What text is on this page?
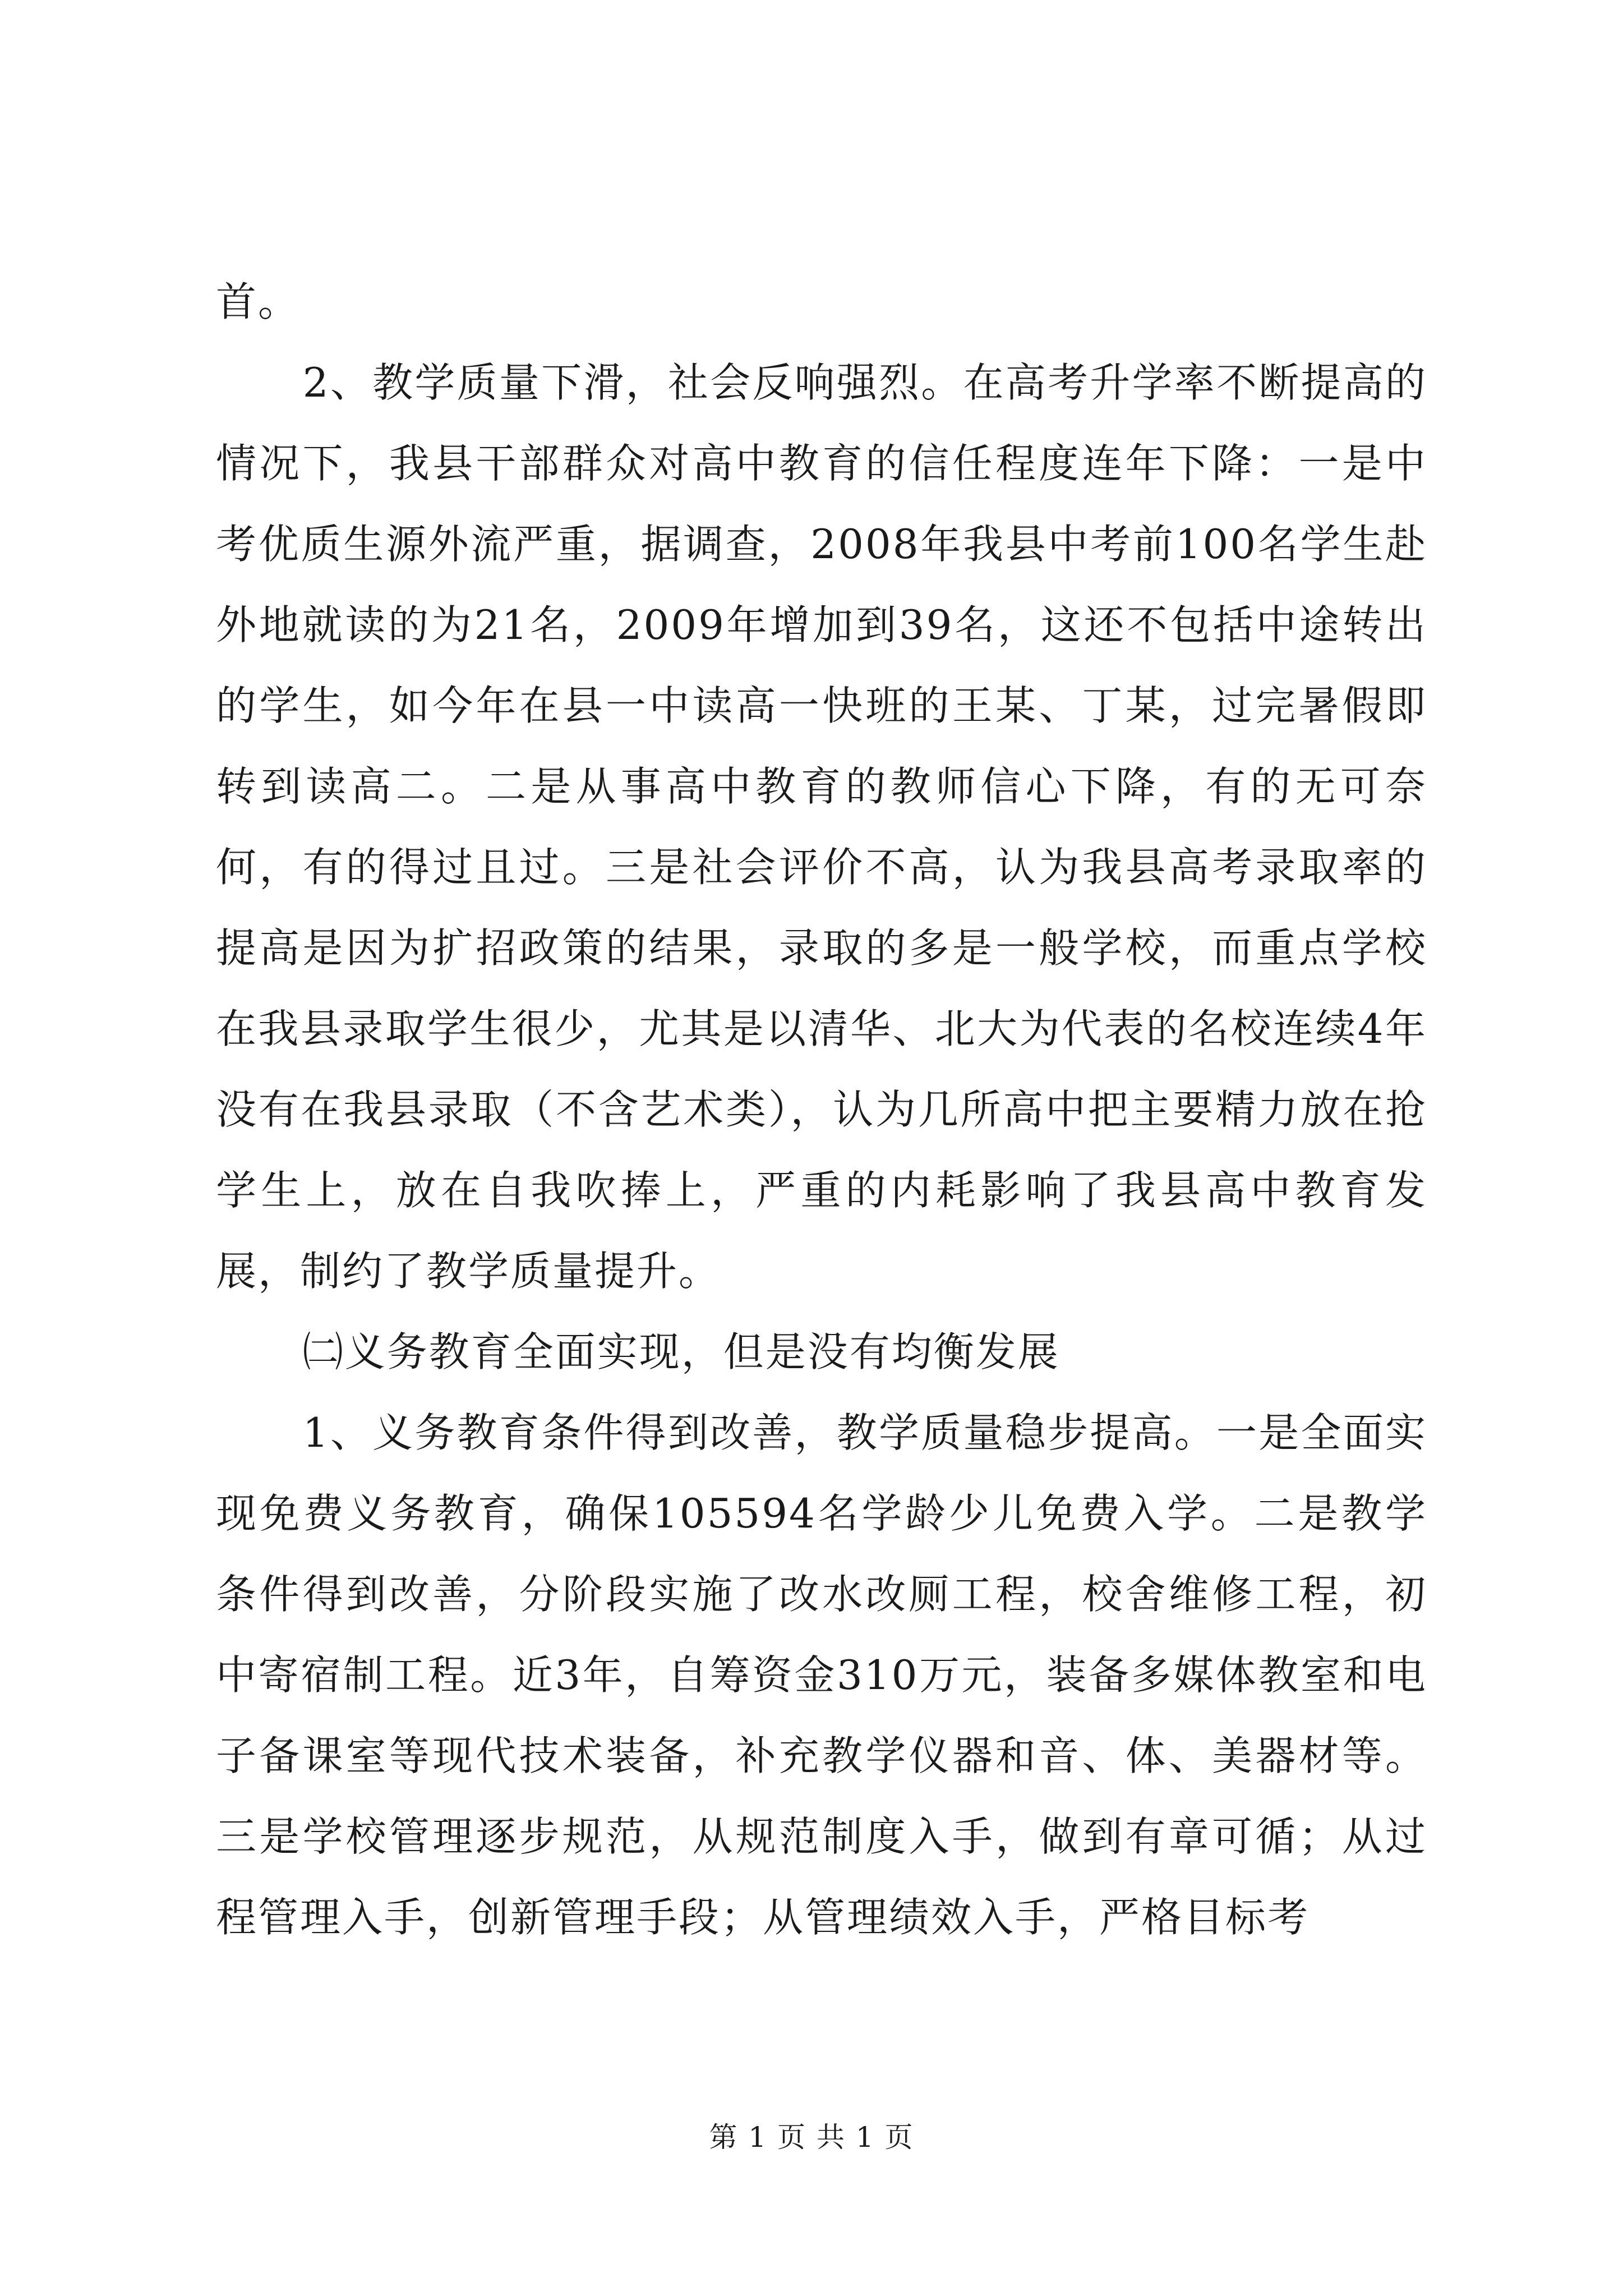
首。

2、教学质量下滑，社会反响强烈。在高考升学率不断提高的情况下，我县干部群众对高中教育的信任程度连年下降：一是中考优质生源外流严重，据调查，2008年我县中考前100名学生赴外地就读的为21名，2009年增加到39名，这还不包括中途转出的学生，如今年在县一中读高一快班的王某、丁某，过完暑假即转到读高二。二是从事高中教育的教师信心下降，有的无可奈何，有的得过且过。三是社会评价不高，认为我县高考录取率的提高是因为扩招政策的结果，录取的多是一般学校，而重点学校在我县录取学生很少，尤其是以清华、北大为代表的名校连续4年没有在我县录取（不含艺术类），认为几所高中把主要精力放在抢学生上，放在自我吹捧上，严重的内耗影响了我县高中教育发展，制约了教学质量提升。

㈡义务教育全面实现，但是没有均衡发展

1、义务教育条件得到改善，教学质量稳步提高。一是全面实现免费义务教育，确保105594名学龄少儿免费入学。二是教学条件得到改善，分阶段实施了改水改厕工程，校舍维修工程，初中寄宿制工程。近3年，自筹资金310万元，装备多媒体教室和电子备课室等现代技术装备，补充教学仪器和音、体、美器材等。三是学校管理逐步规范，从规范制度入手，做到有章可循；从过程管理入手，创新管理手段；从管理绩效入手，严格目标考

第 1 页 共 1 页
